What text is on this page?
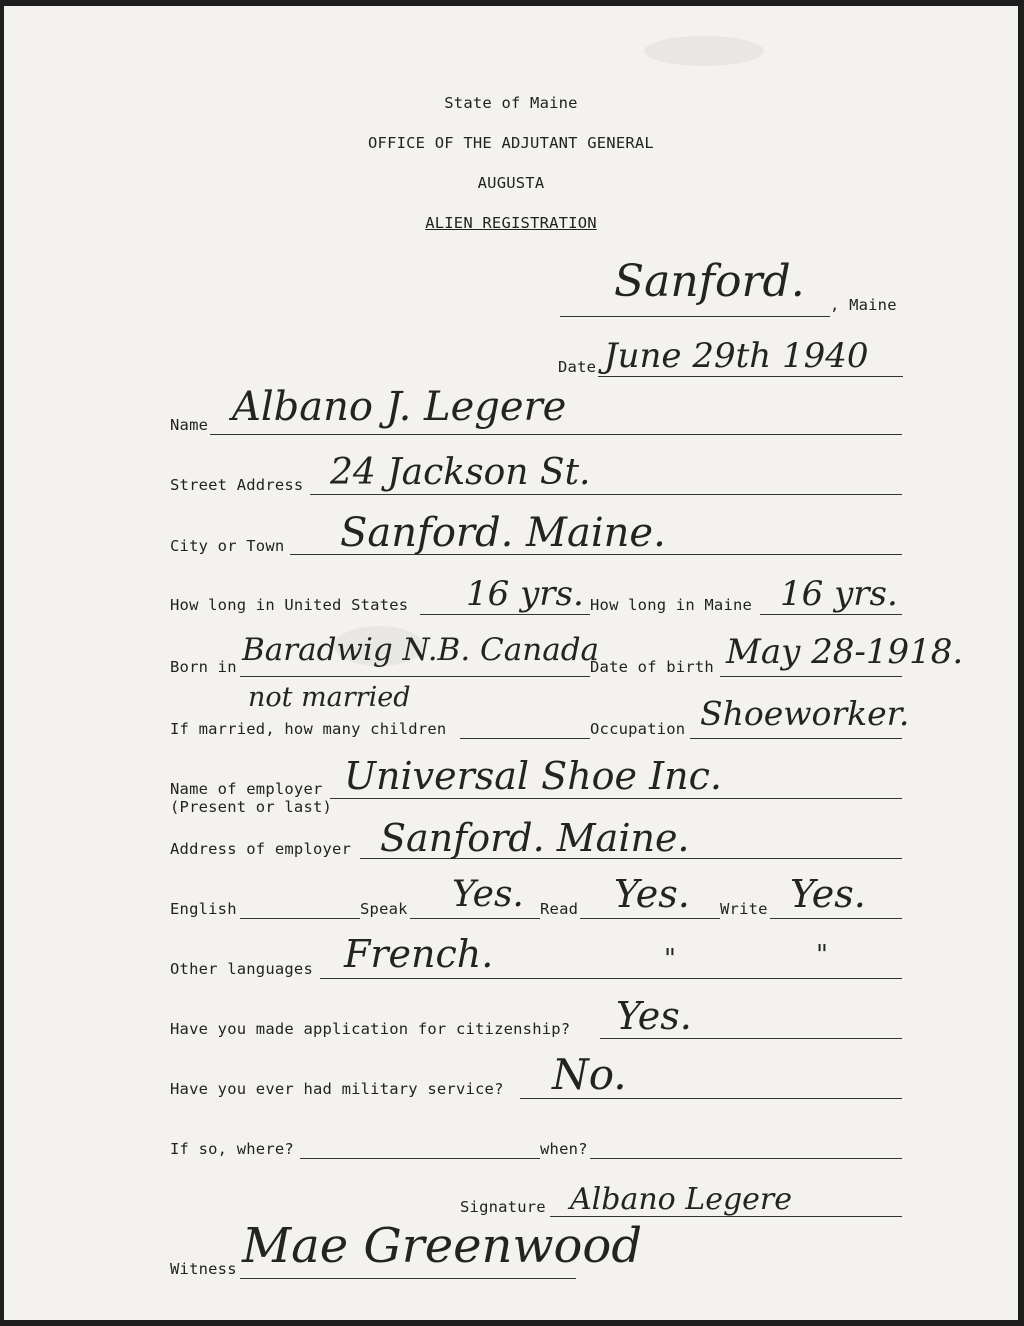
State of Maine
OFFICE OF THE ADJUTANT GENERAL
AUGUSTA
ALIEN REGISTRATION
Sanford. , Maine
Date June 29th 1940
Name Albano J. Legere
Street Address 24 Jackson St.
City or Town Sanford. Maine.
How long in United States 16 yrs. How long in Maine 16 yrs.
Born in Baradwig N.B. Canada
Date of birth May 28-1918.
not married
If married, how many children	Occupation Shoeworker.
Name of employer
(Present or last)
Universal Shoe Inc.
Address of employer Sanford. Maine.
English	Speak Yes. Read Yes. Write Yes.
Other languages French.	"	"
Have you made application for citizenship? Yes.
Have you ever had military service? No.
If so, where?	when?
Signature Albano Legere
Witness Mae Greenwood
